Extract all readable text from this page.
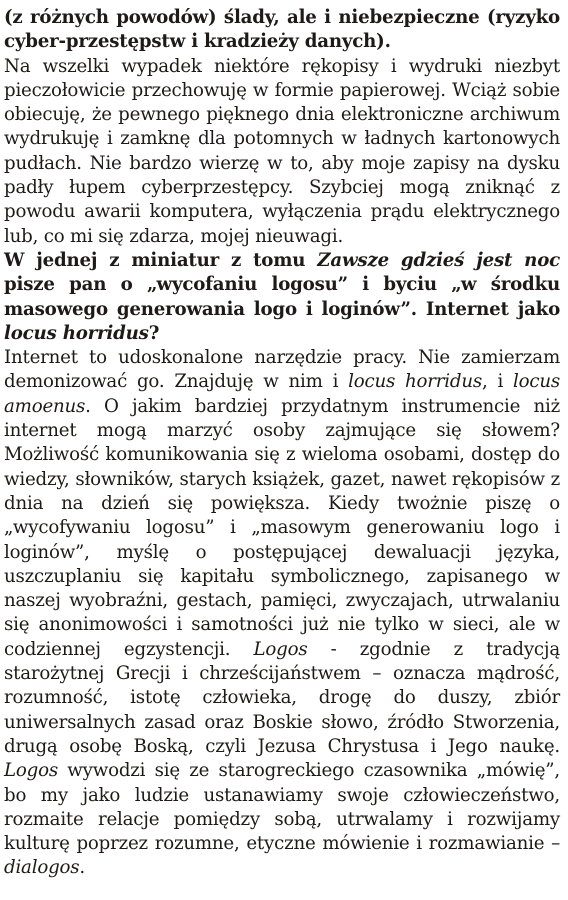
(z różnych powodów) ślady, ale i niebezpieczne (ryzyko cyber-przestępstw i kradzieży danych).

Na wszelki wypadek niektóre rękopisy i wydruki niezbyt pieczołowicie przechowuję w formie papierowej. Wciąż sobie obiecuję, że pewnego pięknego dnia elektroniczne archiwum wydrukuję i zamknę dla potomnych w ładnych kartonowych pudłach. Nie bardzo wierzę w to, aby moje zapisy na dysku padły łupem cyberprzestępcy. Szybciej mogą zniknąć z powodu awarii komputera, wyłączenia prądu elektrycznego lub, co mi się zdarza, mojej nieuwagi.

W jednej z miniatur z tomu Zawsze gdzieś jest noc pisze pan o „wycofaniu logosu” i byciu „w środku masowego generowania logo i loginów”. Internet jako locus horridus?

Internet to udoskonalone narzędzie pracy. Nie zamierzam demonizować go. Znajduję w nim i locus horridus, i locus amoenus. O jakim bardziej przydatnym instrumencie niż internet mogą marzyć osoby zajmujące się słowem? Możliwość komunikowania się z wieloma osobami, dostęp do wiedzy, słowników, starych książek, gazet, nawet rękopisów z dnia na dzień się powiększa. Kiedy twożnie piszę o „wycofywaniu logosu” i „masowym generowaniu logo i loginów”, myślę o postępującej dewaluacji języka, uszczuplaniu się kapitału symbolicznego, zapisanego w naszej wyobraźni, gestach, pamięci, zwyczajach, utrwalaniu się anonimowości i samotności już nie tylko w sieci, ale w codziennej egzystencji. Logos - zgodnie z tradycją starożytnej Grecji i chrześcijaństwem – oznacza mądrość, rozumność, istotę człowieka, drogę do duszy, zbiór uniwersalnych zasad oraz Boskie słowo, źródło Stworzenia, drugą osobę Boską, czyli Jezusa Chrystusa i Jego naukę. Logos wywodzi się ze starogreckiego czasownika „mówię”, bo my jako ludzie ustanawiamy swoje człowieczeństwo, rozmaite relacje pomiędzy sobą, utrwalamy i rozwijamy kulturę poprzez rozumne, etyczne mówienie i rozmawianie – dialogos.
